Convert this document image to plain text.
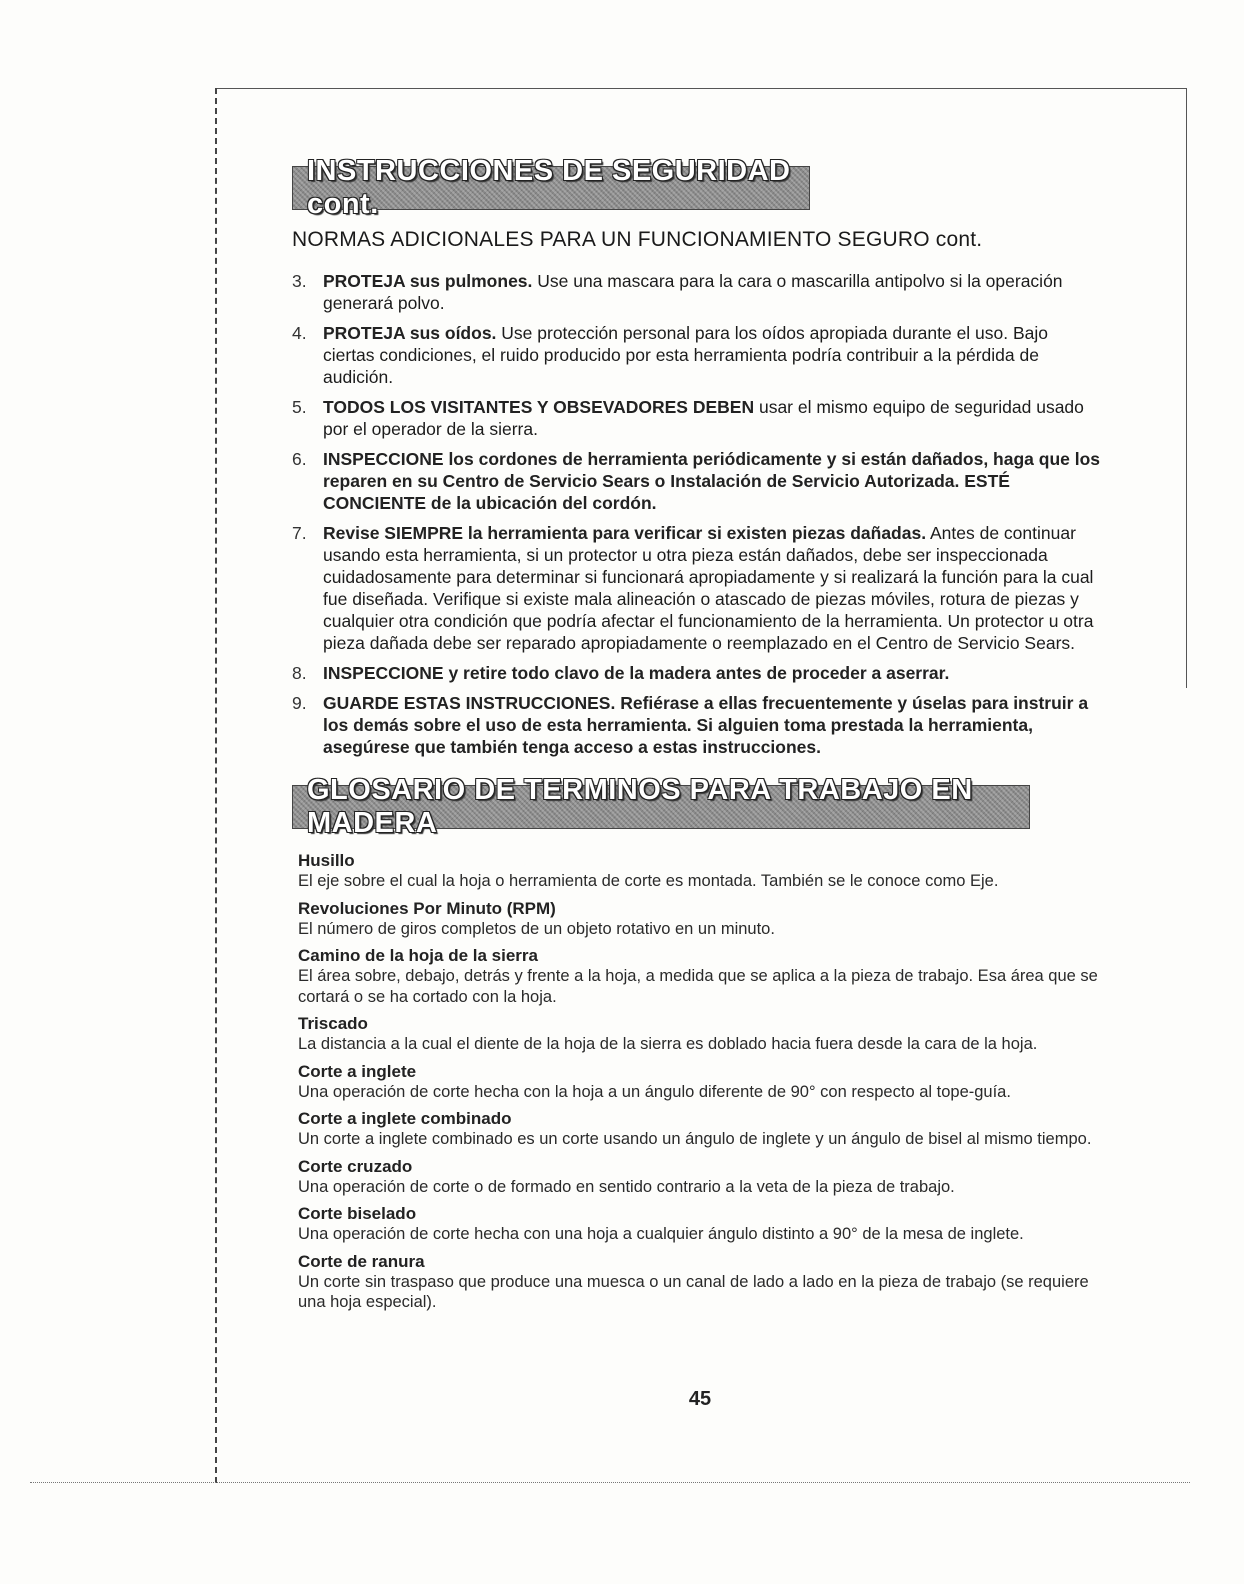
INSTRUCCIONES DE SEGURIDAD cont.
NORMAS ADICIONALES PARA UN FUNCIONAMIENTO SEGURO cont.
3. PROTEJA sus pulmones. Use una mascara para la cara o mascarilla antipolvo si la operación generará polvo.
4. PROTEJA sus oídos. Use protección personal para los oídos apropiada durante el uso. Bajo ciertas condiciones, el ruido producido por esta herramienta podría contribuir a la pérdida de audición.
5. TODOS LOS VISITANTES Y OBSEVADORES DEBEN usar el mismo equipo de seguridad usado por el operador de la sierra.
6. INSPECCIONE los cordones de herramienta periódicamente y si están dañados, haga que los reparen en su Centro de Servicio Sears o Instalación de Servicio Autorizada. ESTÉ CONCIENTE de la ubicación del cordón.
7. Revise SIEMPRE la herramienta para verificar si existen piezas dañadas. Antes de continuar usando esta herramienta, si un protector u otra pieza están dañados, debe ser inspeccionada cuidadosamente para determinar si funcionará apropiadamente y si realizará la función para la cual fue diseñada. Verifique si existe mala alineación o atascado de piezas móviles, rotura de piezas y cualquier otra condición que podría afectar el funcionamiento de la herramienta. Un protector u otra pieza dañada debe ser reparado apropiadamente o reemplazado en el Centro de Servicio Sears.
8. INSPECCIONE y retire todo clavo de la madera antes de proceder a aserrar.
9. GUARDE ESTAS INSTRUCCIONES. Refiérase a ellas frecuentemente y úselas para instruir a los demás sobre el uso de esta herramienta. Si alguien toma prestada la herramienta, asegúrese que también tenga acceso a estas instrucciones.
GLOSARIO DE TERMINOS PARA TRABAJO EN MADERA
Husillo
El eje sobre el cual la hoja o herramienta de corte es montada. También se le conoce como Eje.
Revoluciones Por Minuto (RPM)
El número de giros completos de un objeto rotativo en un minuto.
Camino de la hoja de la sierra
El área sobre, debajo, detrás y frente a la hoja, a medida que se aplica a la pieza de trabajo. Esa área que se cortará o se ha cortado con la hoja.
Triscado
La distancia a la cual el diente de la hoja de la sierra es doblado hacia fuera desde la cara de la hoja.
Corte a inglete
Una operación de corte hecha con la hoja a un ángulo diferente de 90° con respecto al tope-guía.
Corte a inglete combinado
Un corte a inglete combinado es un corte usando un ángulo de inglete y un ángulo de bisel al mismo tiempo.
Corte cruzado
Una operación de corte o de formado en sentido contrario a la veta de la pieza de trabajo.
Corte biselado
Una operación de corte hecha con una hoja a cualquier ángulo distinto a 90° de la mesa de inglete.
Corte de ranura
Un corte sin traspaso que produce una muesca o un canal de lado a lado en la pieza de trabajo (se requiere una hoja especial).
45
